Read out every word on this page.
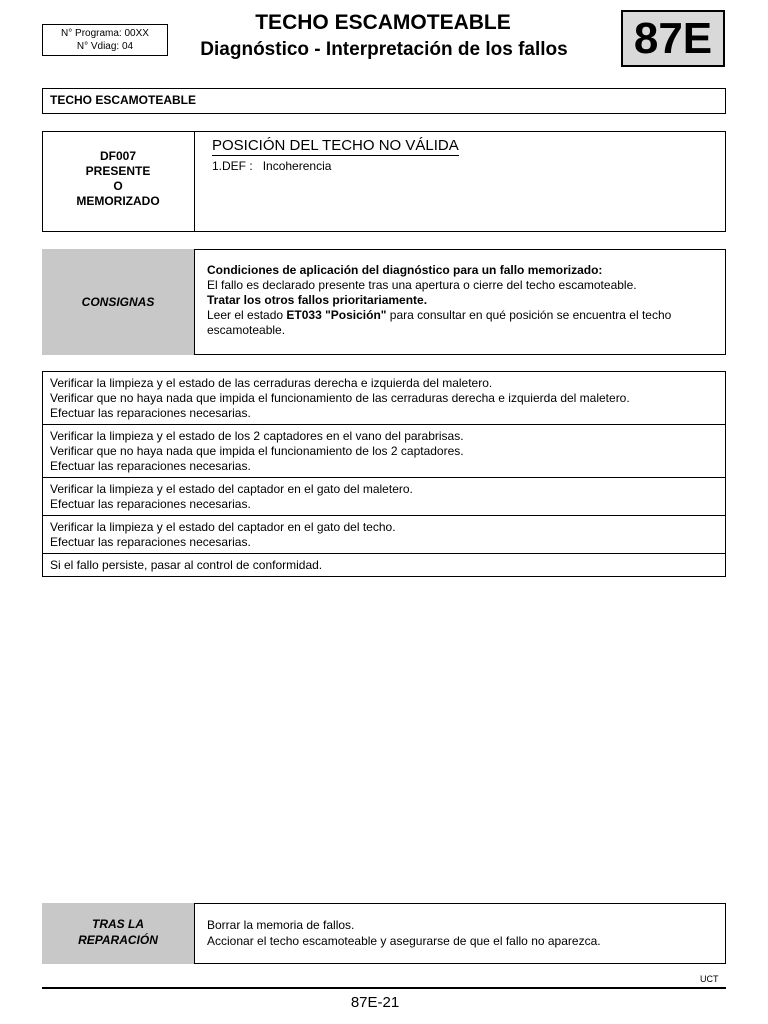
N° Programa: 00XX
N° Vdiag: 04
TECHO ESCAMOTEABLE
Diagnóstico - Interpretación de los fallos	87E
TECHO ESCAMOTEABLE
DF007
PRESENTE
O
MEMORIZADO
POSICIÓN DEL TECHO NO VÁLIDA
1.DEF : Incoherencia
CONSIGNAS
Condiciones de aplicación del diagnóstico para un fallo memorizado:
El fallo es declarado presente tras una apertura o cierre del techo escamoteable.
Tratar los otros fallos prioritariamente.
Leer el estado ET033 "Posición" para consultar en qué posición se encuentra el techo escamoteable.
Verificar la limpieza y el estado de las cerraduras derecha e izquierda del maletero.
Verificar que no haya nada que impida el funcionamiento de las cerraduras derecha e izquierda del maletero.
Efectuar las reparaciones necesarias.
Verificar la limpieza y el estado de los 2 captadores en el vano del parabrisas.
Verificar que no haya nada que impida el funcionamiento de los 2 captadores.
Efectuar las reparaciones necesarias.
Verificar la limpieza y el estado del captador en el gato del maletero.
Efectuar las reparaciones necesarias.
Verificar la limpieza y el estado del captador en el gato del techo.
Efectuar las reparaciones necesarias.
Si el fallo persiste, pasar al control de conformidad.
TRAS LA
REPARACIÓN
Borrar la memoria de fallos.
Accionar el techo escamoteable y asegurarse de que el fallo no aparezca.
UCT
87E-21
